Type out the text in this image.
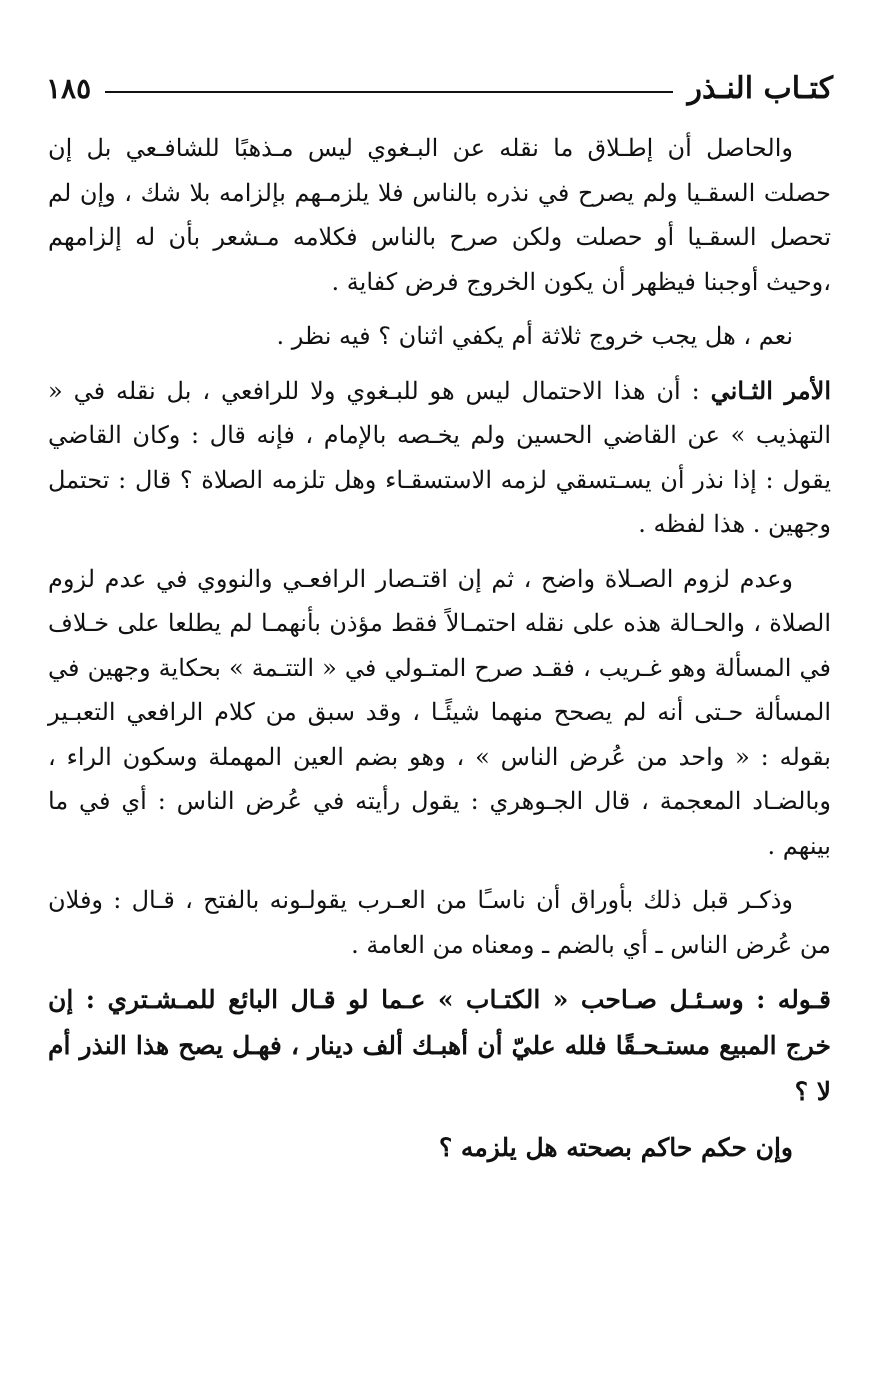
كتـاب النـذر
١٨٥

والحاصل أن إطـلاق ما نقله عن البـغوي ليس مـذهبًا للشافـعي بل إن حصلت السقـيا ولم يصرح في نذره بالناس فلا يلزمـهم بإلزامه بلا شك ، وإن لم تحصل السقـيا أو حصلت ولكن صرح بالناس فكلامه مـشعر بأن له إلزامهم ،وحيث أوجبنا فيظهر أن يكون الخروج فرض كفاية .

نعم ، هل يجب خروج ثلاثة أم يكفي اثنان ؟ فيه نظر .

الأمر الثـاني : أن هذا الاحتمال ليس هو للبـغوي ولا للرافعي ، بل نقله في « التهذيب » عن القاضي الحسين ولم يخـصه بالإمام ، فإنه قال : وكان القاضي يقول : إذا نذر أن يسـتسقي لزمه الاستسقـاء وهل تلزمه الصلاة ؟ قال : تحتمل وجهين . هذا لفظه .

وعدم لزوم الصـلاة واضح ، ثم إن اقتـصار الرافعـي والنووي في عدم لزوم الصلاة ، والحـالة هذه على نقله احتمـالاً فقط مؤذن بأنهمـا لم يطلعا على خـلاف في المسألة وهو غـريب ، فقـد صرح المتـولي في « التتـمة » بحكاية وجهين في المسألة حـتى أنه لم يصحح منهما شيئًـا ، وقد سبق من كلام الرافعي التعبـير بقوله : « واحد من عُرض الناس » ، وهو بضم العين المهملة وسكون الراء ، وبالضـاد المعجمة ، قال الجـوهري : يقول رأيته في عُرض الناس : أي في ما بينهم .

وذكـر قبل ذلك بأوراق أن ناسـًا من العـرب يقولـونه بالفتح ، قـال : وفلان من عُرض الناس ـ أي بالضم ـ ومعناه من العامة .

قـوله : وسـئـل صـاحب « الكتـاب » عـما لو قـال البائع للمـشـتري : إن خرج المبيع مستـحـقًا فلله عليّ أن أهبـك ألف دينار ، فهـل يصح هذا النذر أم لا ؟

وإن حكم حاكم بصحته هل يلزمه ؟
